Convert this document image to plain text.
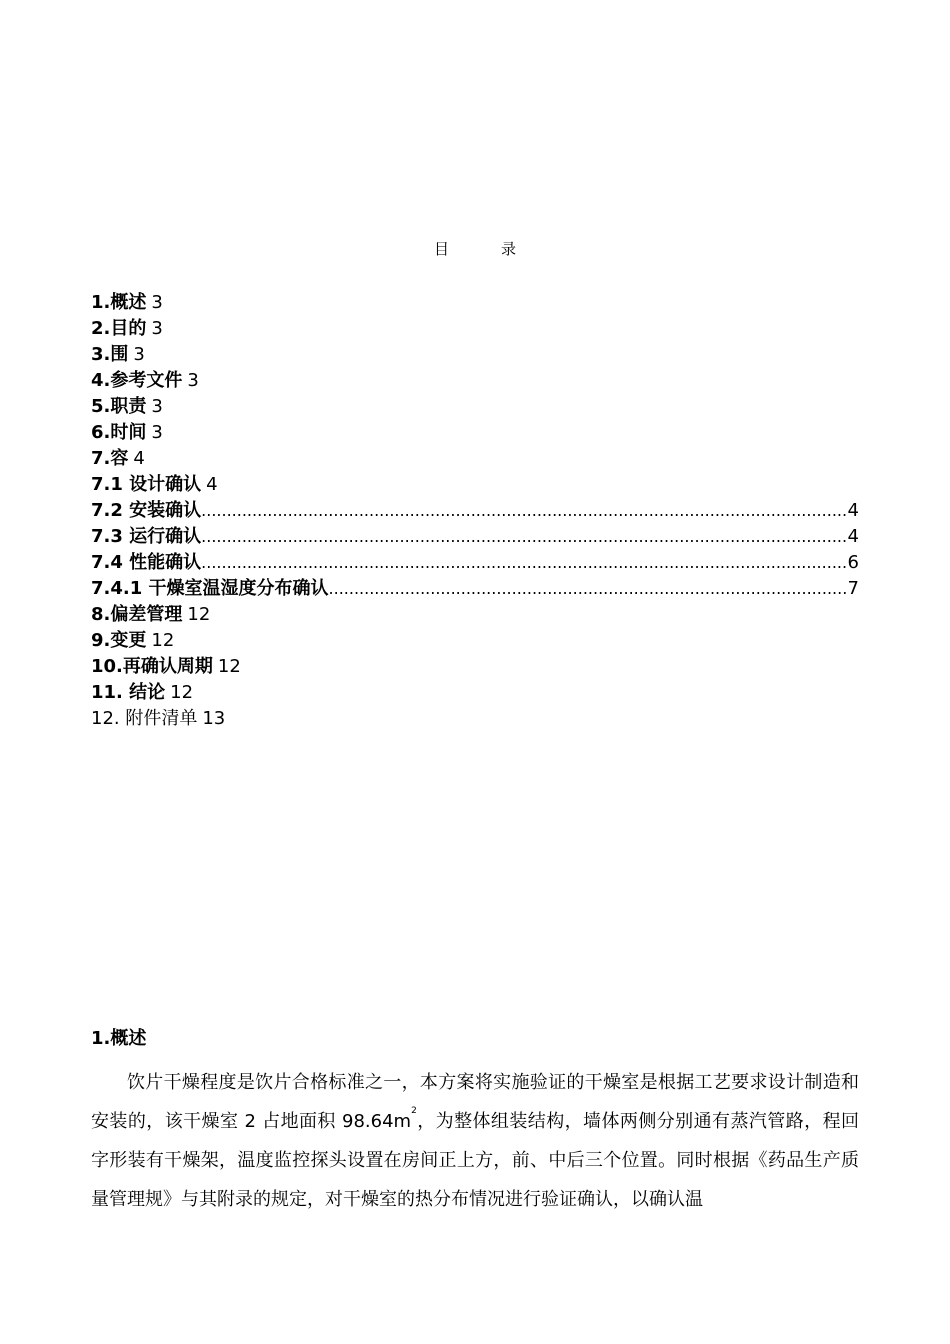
目	录
1.概述 3
2.目的 3
3.围 3
4.参考文件 3
5.职责 3
6.时间 3
7.容 4
7.1 设计确认 4
7.2 安装确认 .....	4
7.3 运行确认 .....	4
7.4 性能确认 .....	6
7.4.1 干燥室温湿度分布确认 .....	7
8.偏差管理 12
9.变更 12
10.再确认周期 12
11. 结论 12
12. 附件清单 13
1.概述

饮片干燥程度是饮片合格标准之一，本方案将实施验证的干燥室是根据工艺要求设计制造和安装的，该干燥室 2 占地面积 $98.64m^2$，为整体组装结构，墙体两侧分别通有蒸汽管路，程回字形装有干燥架，温度监控探头设置在房间正上方，前、中后三个位置。同时根据《药品生产质量管理规》与其附录的规定，对干燥室的热分布情况进行验证确认，以确认温
